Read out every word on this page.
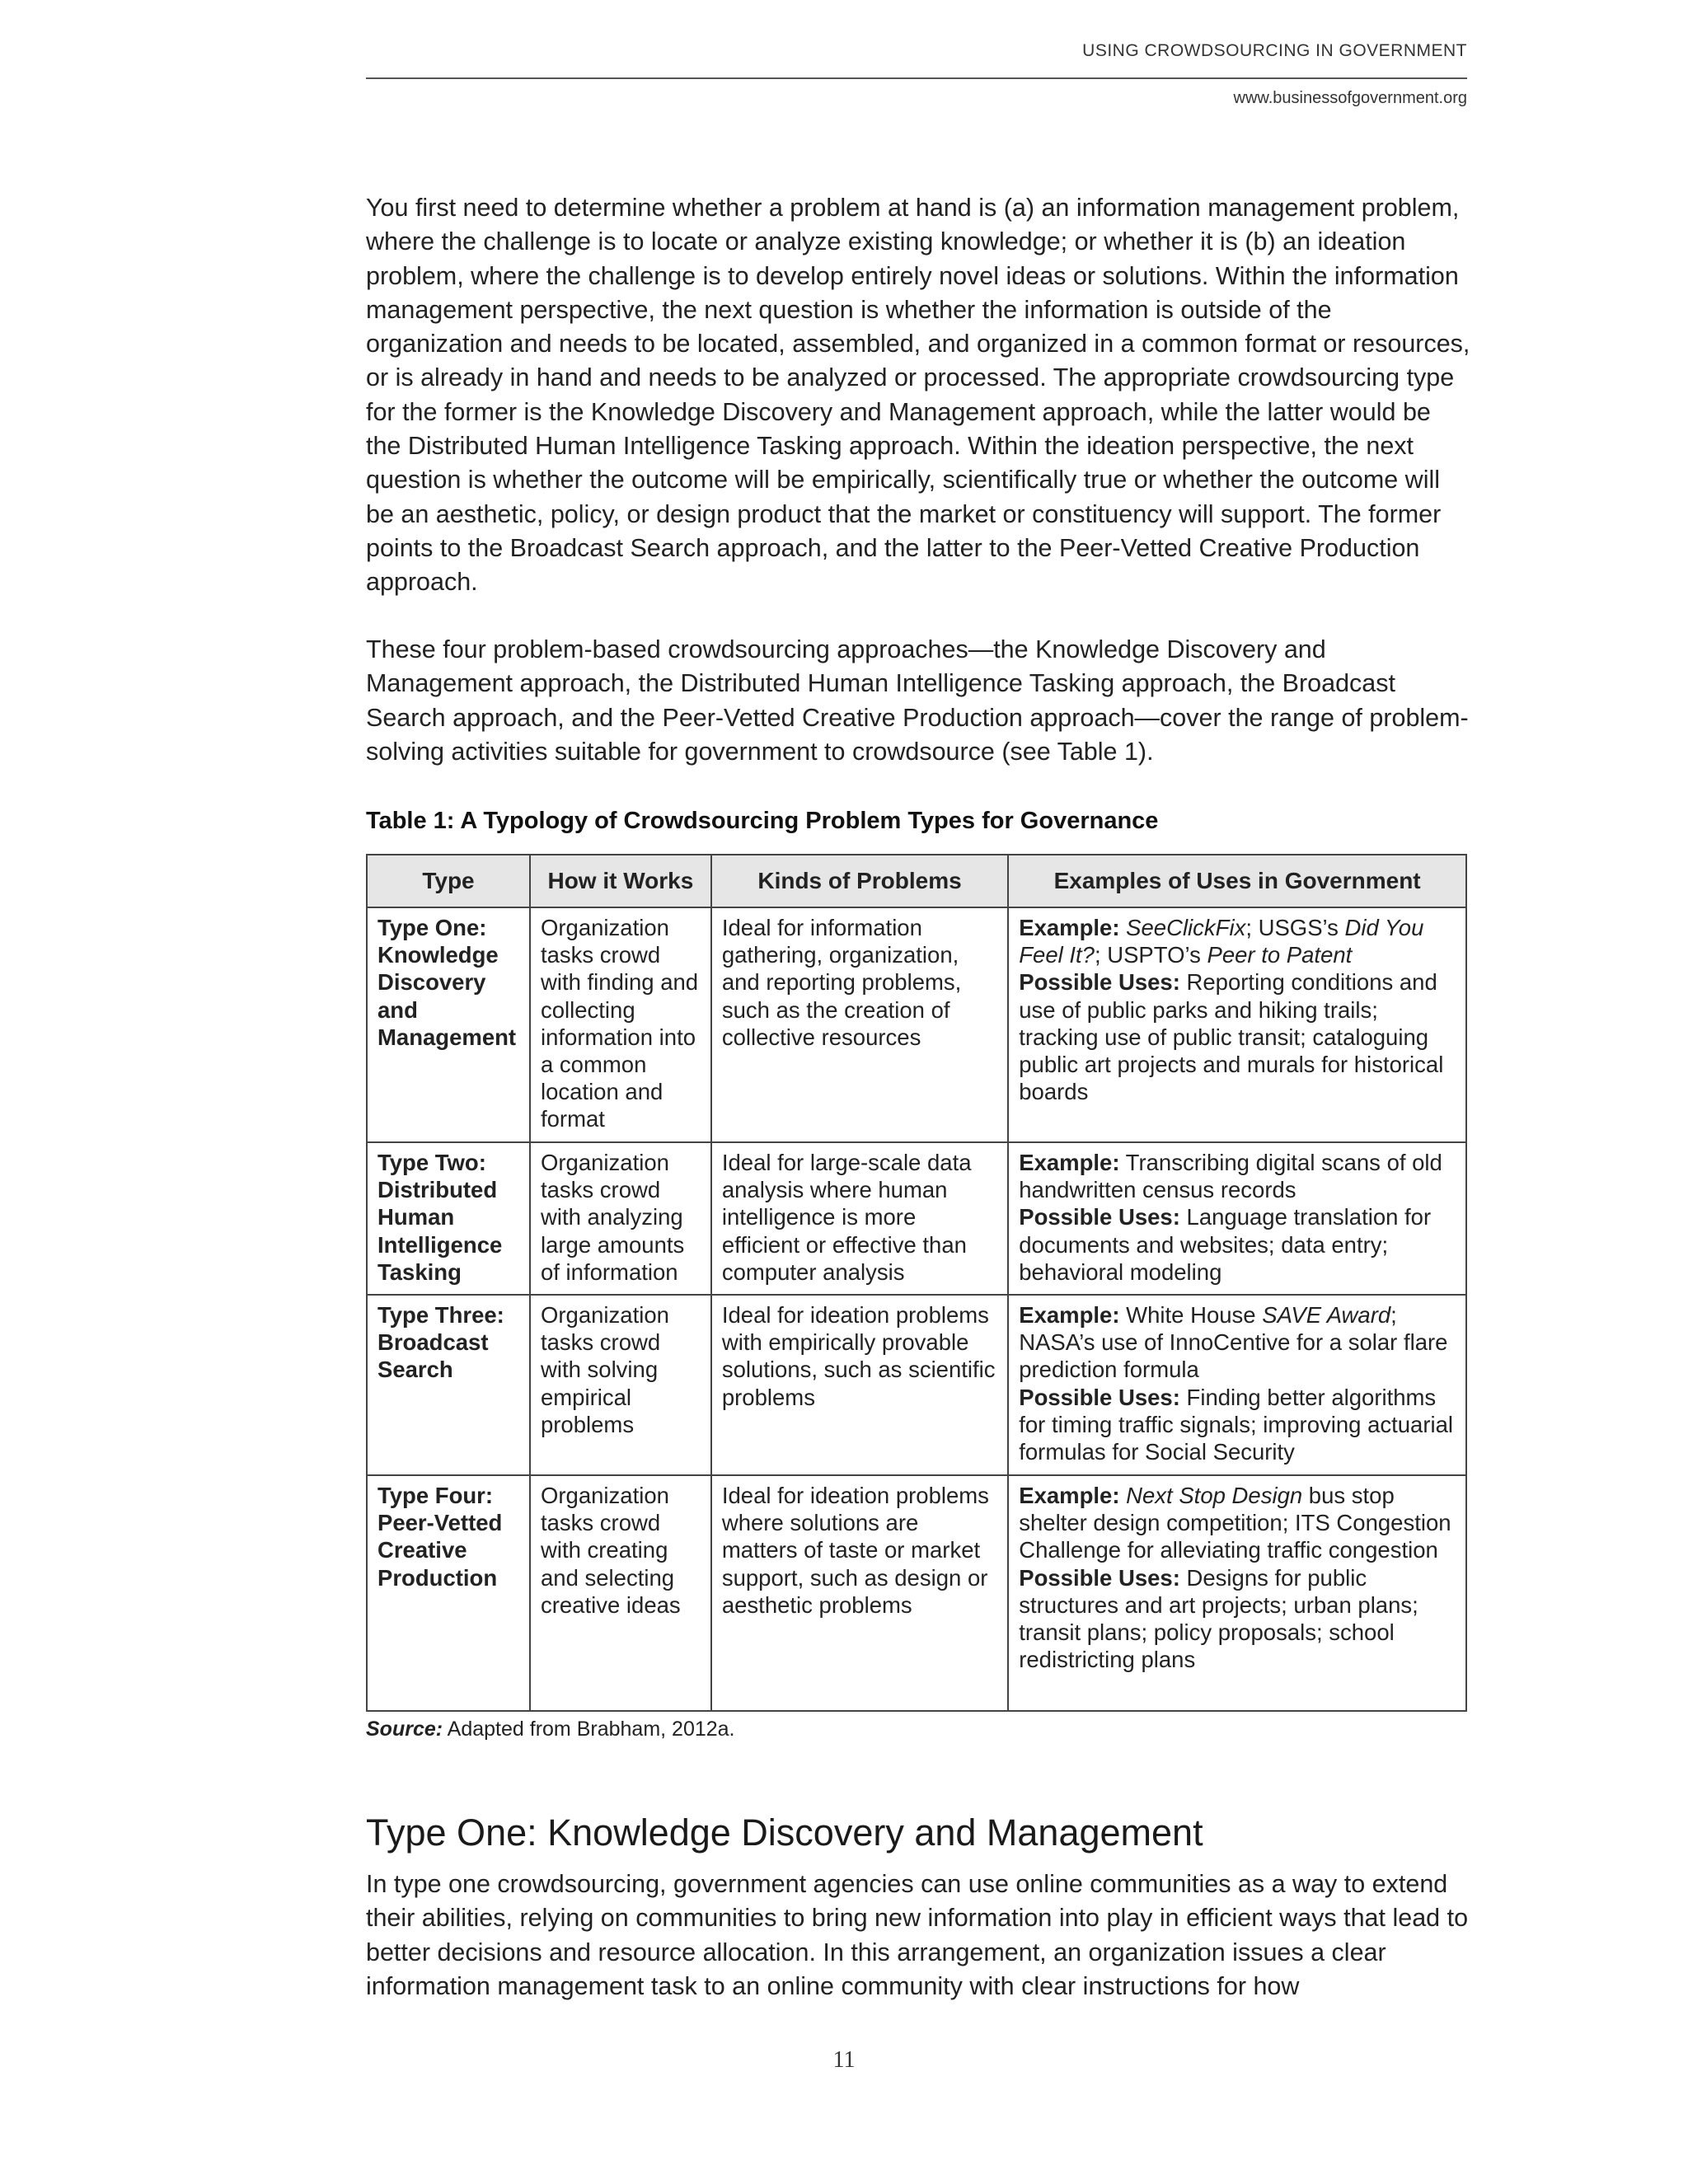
USING CROWDSOURCING IN GOVERNMENT
www.businessofgovernment.org

You first need to determine whether a problem at hand is (a) an information management problem, where the challenge is to locate or analyze existing knowledge; or whether it is (b) an ideation problem, where the challenge is to develop entirely novel ideas or solutions. Within the information management perspective, the next question is whether the information is outside of the organization and needs to be located, assembled, and organized in a common format or resources, or is already in hand and needs to be analyzed or processed. The appropriate crowdsourcing type for the former is the Knowledge Discovery and Management approach, while the latter would be the Distributed Human Intelligence Tasking approach. Within the ideation perspective, the next question is whether the outcome will be empirically, scientifically true or whether the outcome will be an aesthetic, policy, or design product that the market or constituency will support. The former points to the Broadcast Search approach, and the latter to the Peer-Vetted Creative Production approach.

These four problem-based crowdsourcing approaches—the Knowledge Discovery and Management approach, the Distributed Human Intelligence Tasking approach, the Broadcast Search approach, and the Peer-Vetted Creative Production approach—cover the range of problem-solving activities suitable for government to crowdsource (see Table 1).

Table 1: A Typology of Crowdsourcing Problem Types for Governance
Type	How it Works	Kinds of Problems	Examples of Uses in Government

Type One: Knowledge Discovery and Management	Organization tasks crowd with finding and collecting information into a common location and format	Ideal for information gathering, organization, and reporting problems, such as the creation of collective resources	Example: SeeClickFix; USGS’s Did You Feel It?; USPTO’s Peer to Patent
Possible Uses: Reporting conditions and use of public parks and hiking trails; tracking use of public transit; cataloguing public art projects and murals for historical boards

Type Two: Distributed Human Intelligence Tasking	Organization tasks crowd with analyzing large amounts of information	Ideal for large-scale data analysis where human intelligence is more efficient or effective than computer analysis	Example: Transcribing digital scans of old handwritten census records
Possible Uses: Language translation for documents and websites; data entry; behavioral modeling

Type Three: Broadcast Search	Organization tasks crowd with solving empirical problems	Ideal for ideation problems with empirically provable solutions, such as scientific problems	Example: White House SAVE Award; NASA’s use of InnoCentive for a solar flare prediction formula
Possible Uses: Finding better algorithms for timing traffic signals; improving actuarial formulas for Social Security

Type Four: Peer-Vetted Creative Production	Organization tasks crowd with creating and selecting creative ideas	Ideal for ideation problems where solutions are matters of taste or market support, such as design or aesthetic problems	Example: Next Stop Design bus stop shelter design competition; ITS Congestion Challenge for alleviating traffic congestion
Possible Uses: Designs for public structures and art projects; urban plans; transit plans; policy proposals; school redistricting plans
Source: Adapted from Brabham, 2012a.
Type One: Knowledge Discovery and Management

In type one crowdsourcing, government agencies can use online communities as a way to extend their abilities, relying on communities to bring new information into play in efficient ways that lead to better decisions and resource allocation. In this arrangement, an organization issues a clear information management task to an online community with clear instructions for how

11
